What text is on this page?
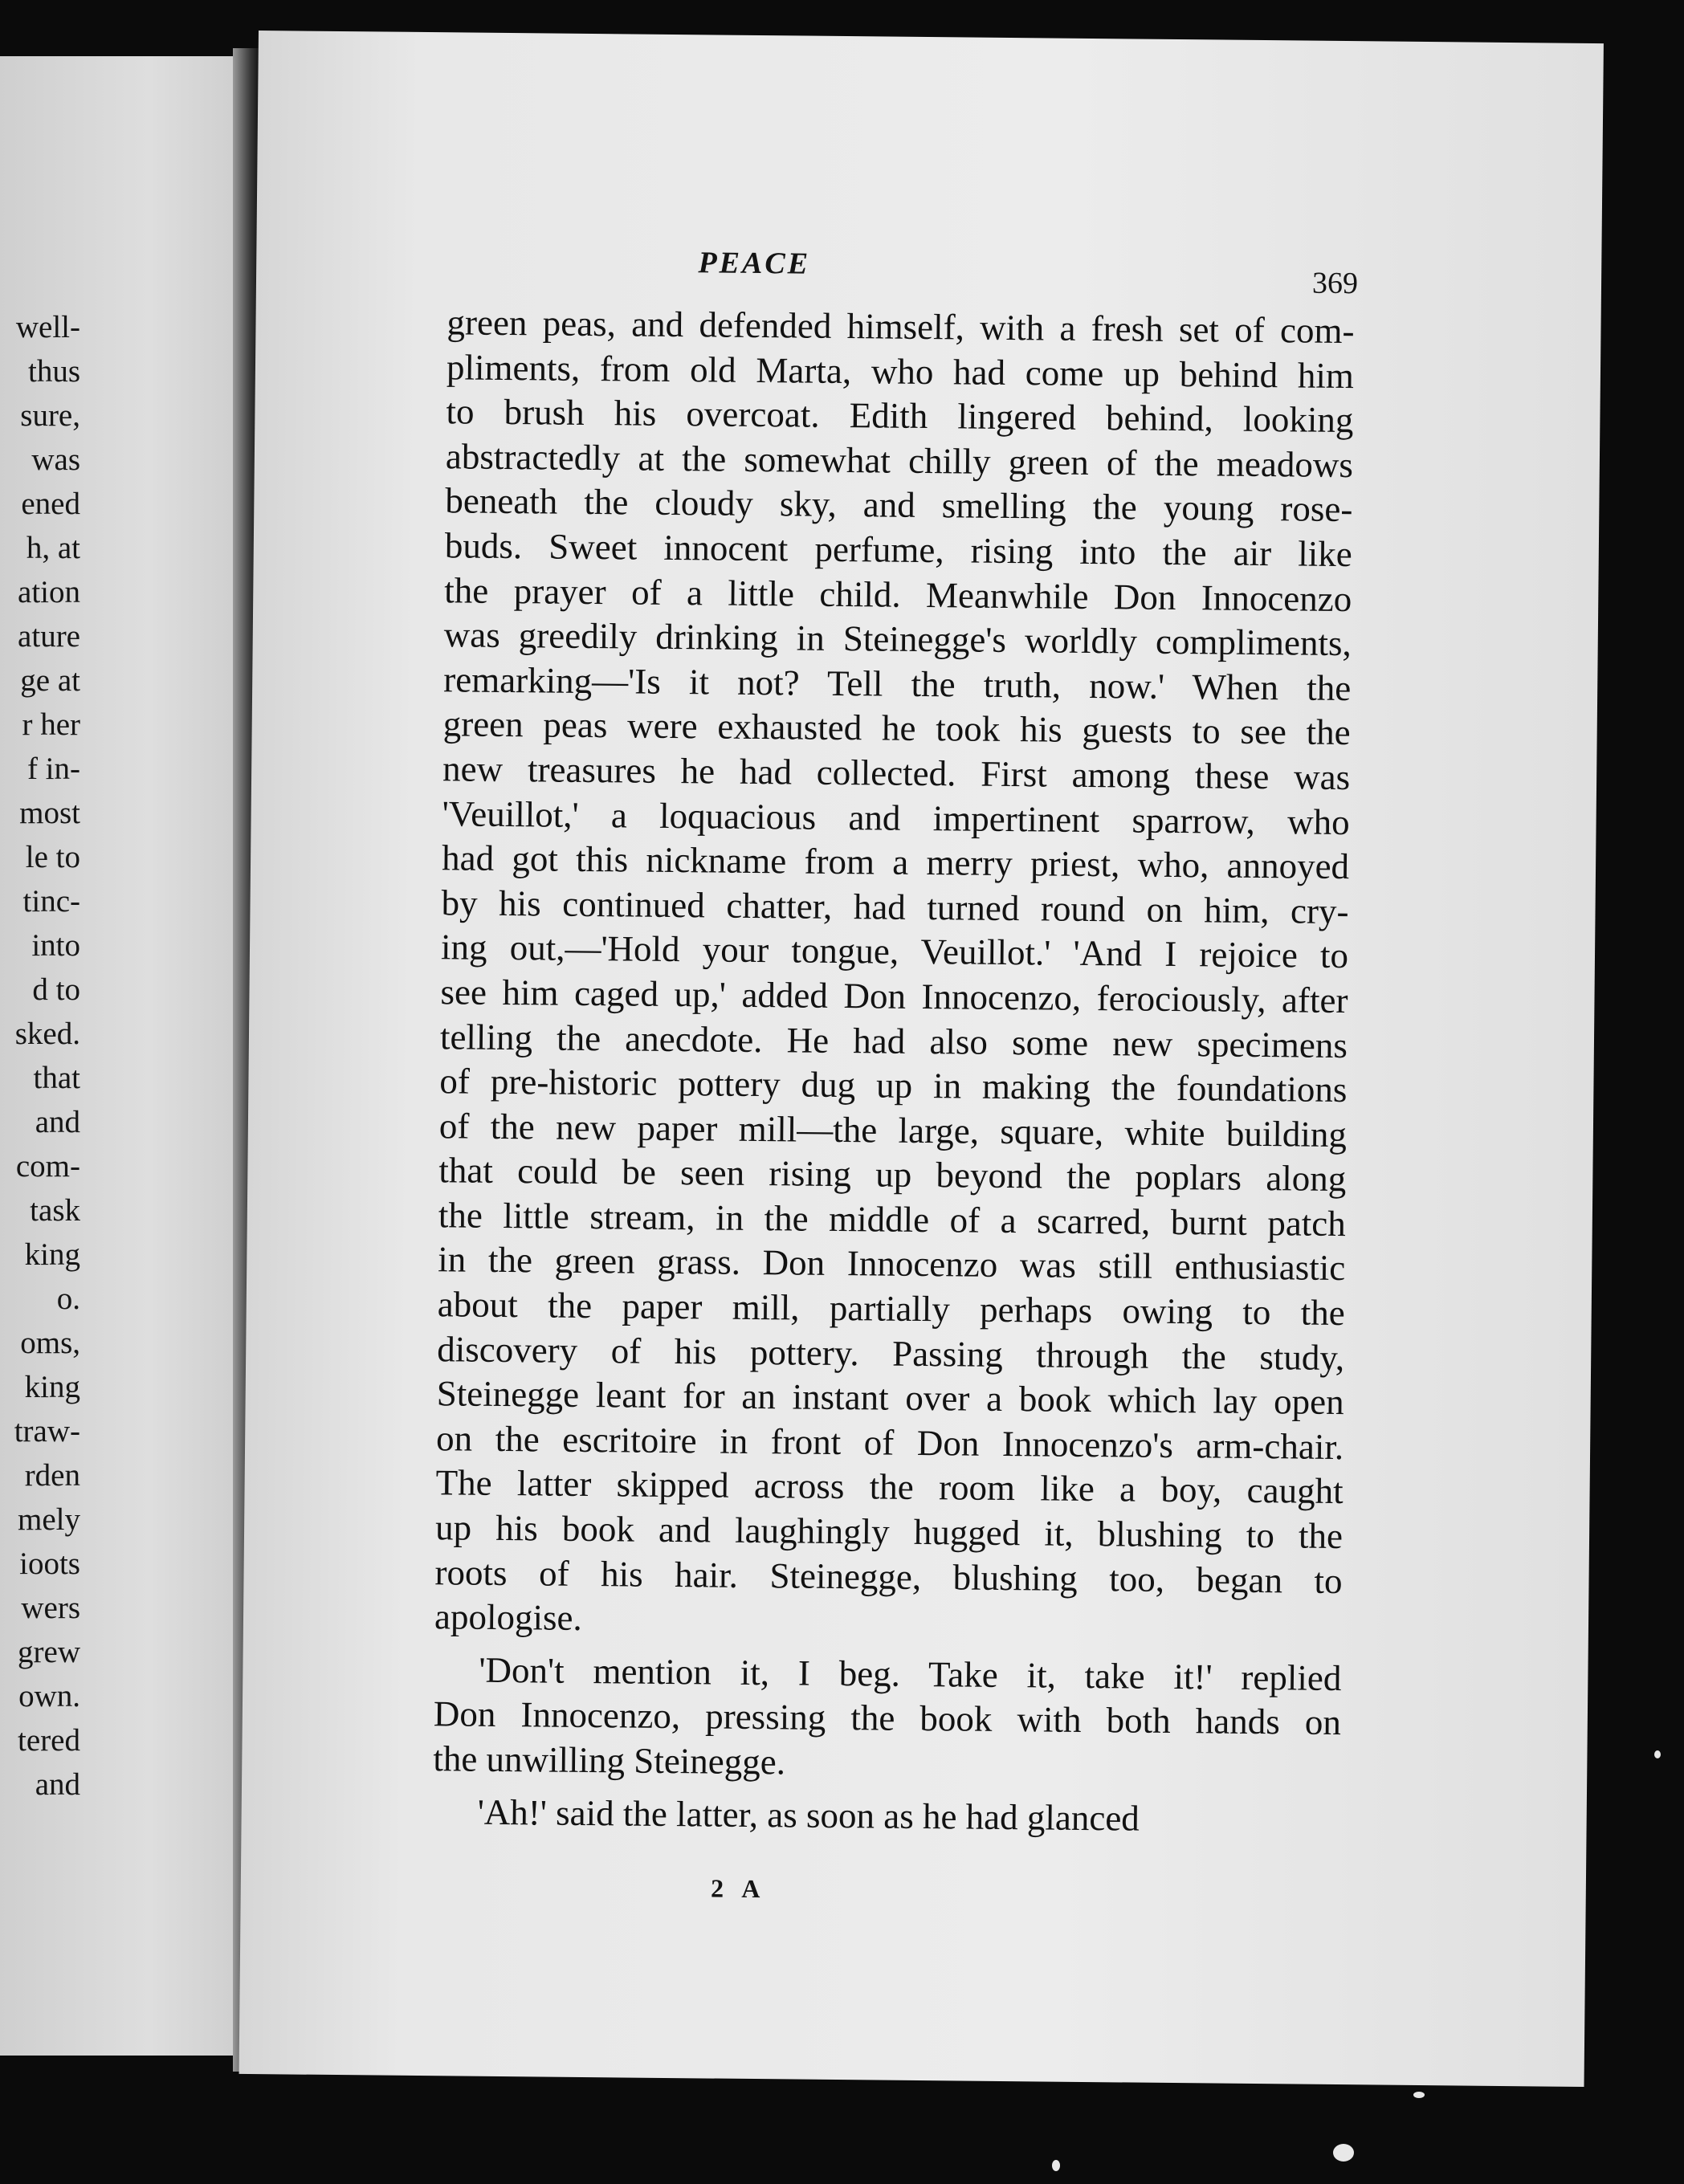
well-
thus
sure,
was
ened
h, at
ation
ature
ge at
r her
f in-
most
le to
tinc-
into
d to
sked.
that
and
com-
task
king
o.
oms,
king
traw-
rden
mely
ioots
wers
grew
own.
tered
and
PEACE
369
green peas, and defended himself, with a fresh set of com-
pliments, from old Marta, who had come up behind him
to brush his overcoat. Edith lingered behind, looking
abstractedly at the somewhat chilly green of the meadows
beneath the cloudy sky, and smelling the young rose-
buds. Sweet innocent perfume, rising into the air like
the prayer of a little child. Meanwhile Don Innocenzo
was greedily drinking in Steinegge's worldly compliments,
remarking—'Is it not? Tell the truth, now.' When the
green peas were exhausted he took his guests to see the
new treasures he had collected. First among these was
'Veuillot,' a loquacious and impertinent sparrow, who
had got this nickname from a merry priest, who, annoyed
by his continued chatter, had turned round on him, cry-
ing out,—'Hold your tongue, Veuillot.' 'And I rejoice to
see him caged up,' added Don Innocenzo, ferociously, after
telling the anecdote. He had also some new specimens
of pre-historic pottery dug up in making the foundations
of the new paper mill—the large, square, white building
that could be seen rising up beyond the poplars along
the little stream, in the middle of a scarred, burnt patch
in the green grass. Don Innocenzo was still enthusiastic
about the paper mill, partially perhaps owing to the
discovery of his pottery. Passing through the study,
Steinegge leant for an instant over a book which lay open
on the escritoire in front of Don Innocenzo's arm-chair.
The latter skipped across the room like a boy, caught
up his book and laughingly hugged it, blushing to the
roots of his hair. Steinegge, blushing too, began to
apologise.
'Don't mention it, I beg. Take it, take it!' replied
Don Innocenzo, pressing the book with both hands on
the unwilling Steinegge.
'Ah!' said the latter, as soon as he had glanced
2 A
